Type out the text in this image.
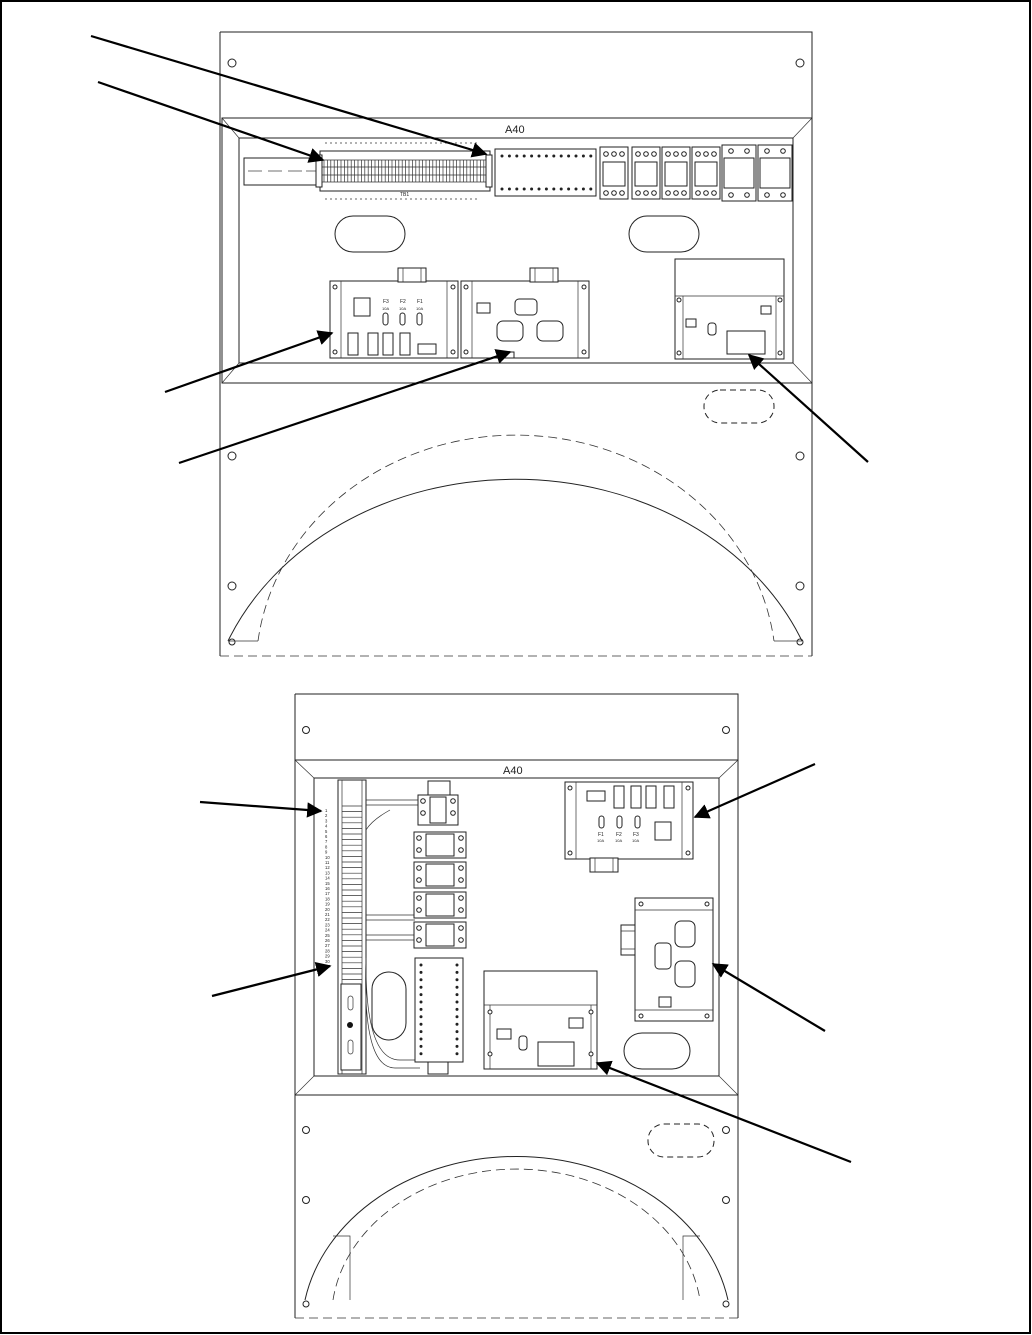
A40
TB1
F3
10A
F2
10A
F1
10A
A40
1
2
3
4
5
6
7
8
9
10
11
12
13
14
15
16
17
18
19
20
21
22
23
24
25
26
27
28
29
30
F1
10A
F2
10A
F3
10A
